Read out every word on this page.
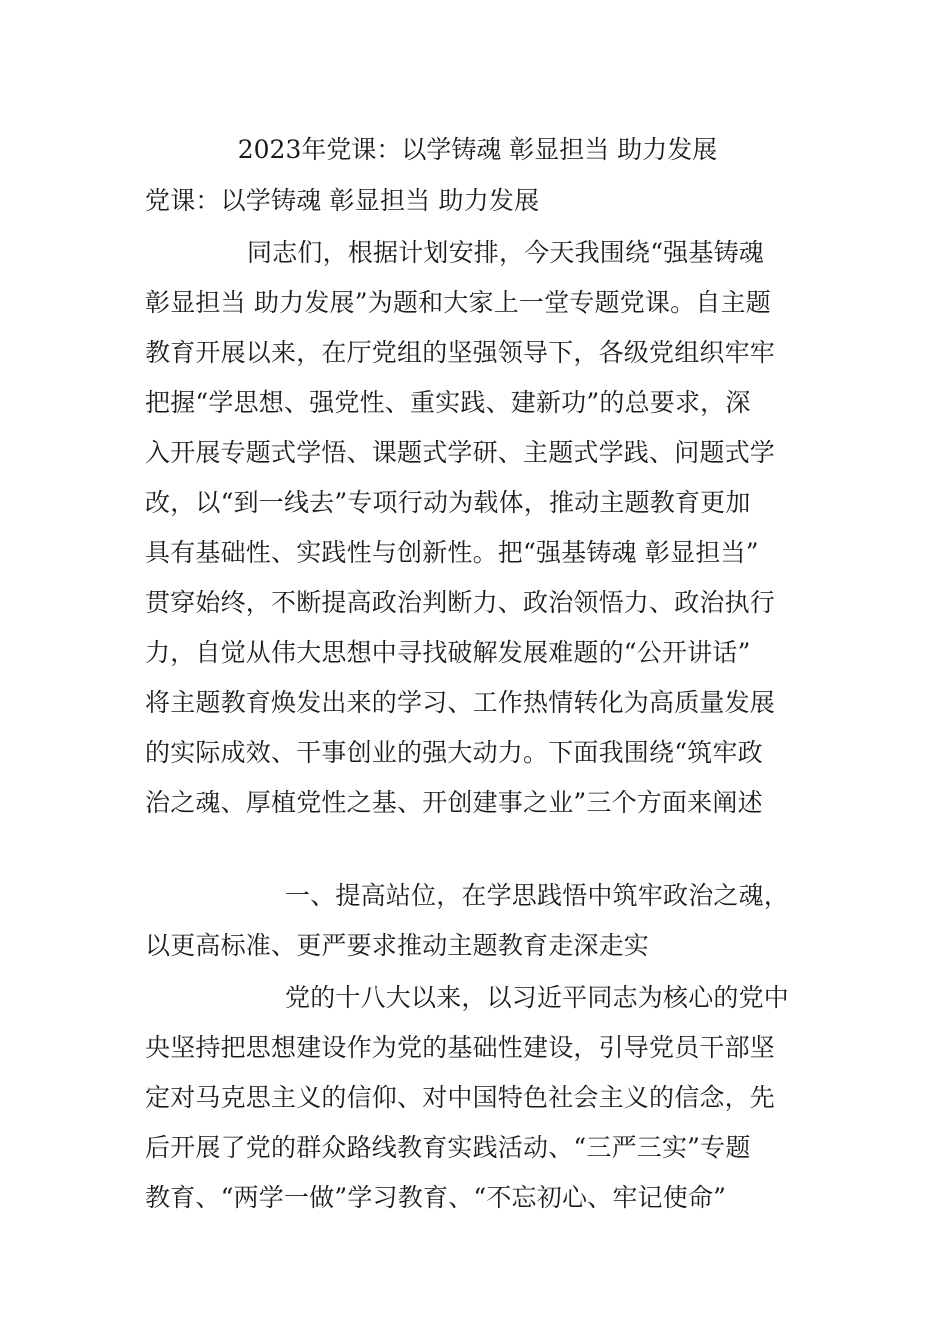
2023年党课：以学铸魂 彰显担当 助力发展
党课：以学铸魂 彰显担当 助力发展
同志们，根据计划安排，今天我围绕“强基铸魂
彰显担当 助力发展”为题和大家上一堂专题党课。自主题
教育开展以来，在厅党组的坚强领导下，各级党组织牢牢
把握“学思想、强党性、重实践、建新功”的总要求，深
入开展专题式学悟、课题式学研、主题式学践、问题式学
改，以“到一线去”专项行动为载体，推动主题教育更加
具有基础性、实践性与创新性。把“强基铸魂 彰显担当”
贯穿始终，不断提高政治判断力、政治领悟力、政治执行
力，自觉从伟大思想中寻找破解发展难题的“公开讲话”
将主题教育焕发出来的学习、工作热情转化为高质量发展
的实际成效、干事创业的强大动力。下面我围绕“筑牢政
治之魂、厚植党性之基、开创建事之业”三个方面来阐述
一、提高站位，在学思践悟中筑牢政治之魂，
以更高标准、更严要求推动主题教育走深走实
党的十八大以来，以习近平同志为核心的党中
央坚持把思想建设作为党的基础性建设，引导党员干部坚
定对马克思主义的信仰、对中国特色社会主义的信念，先
后开展了党的群众路线教育实践活动、“三严三实”专题
教育、“两学一做”学习教育、“不忘初心、牢记使命”
